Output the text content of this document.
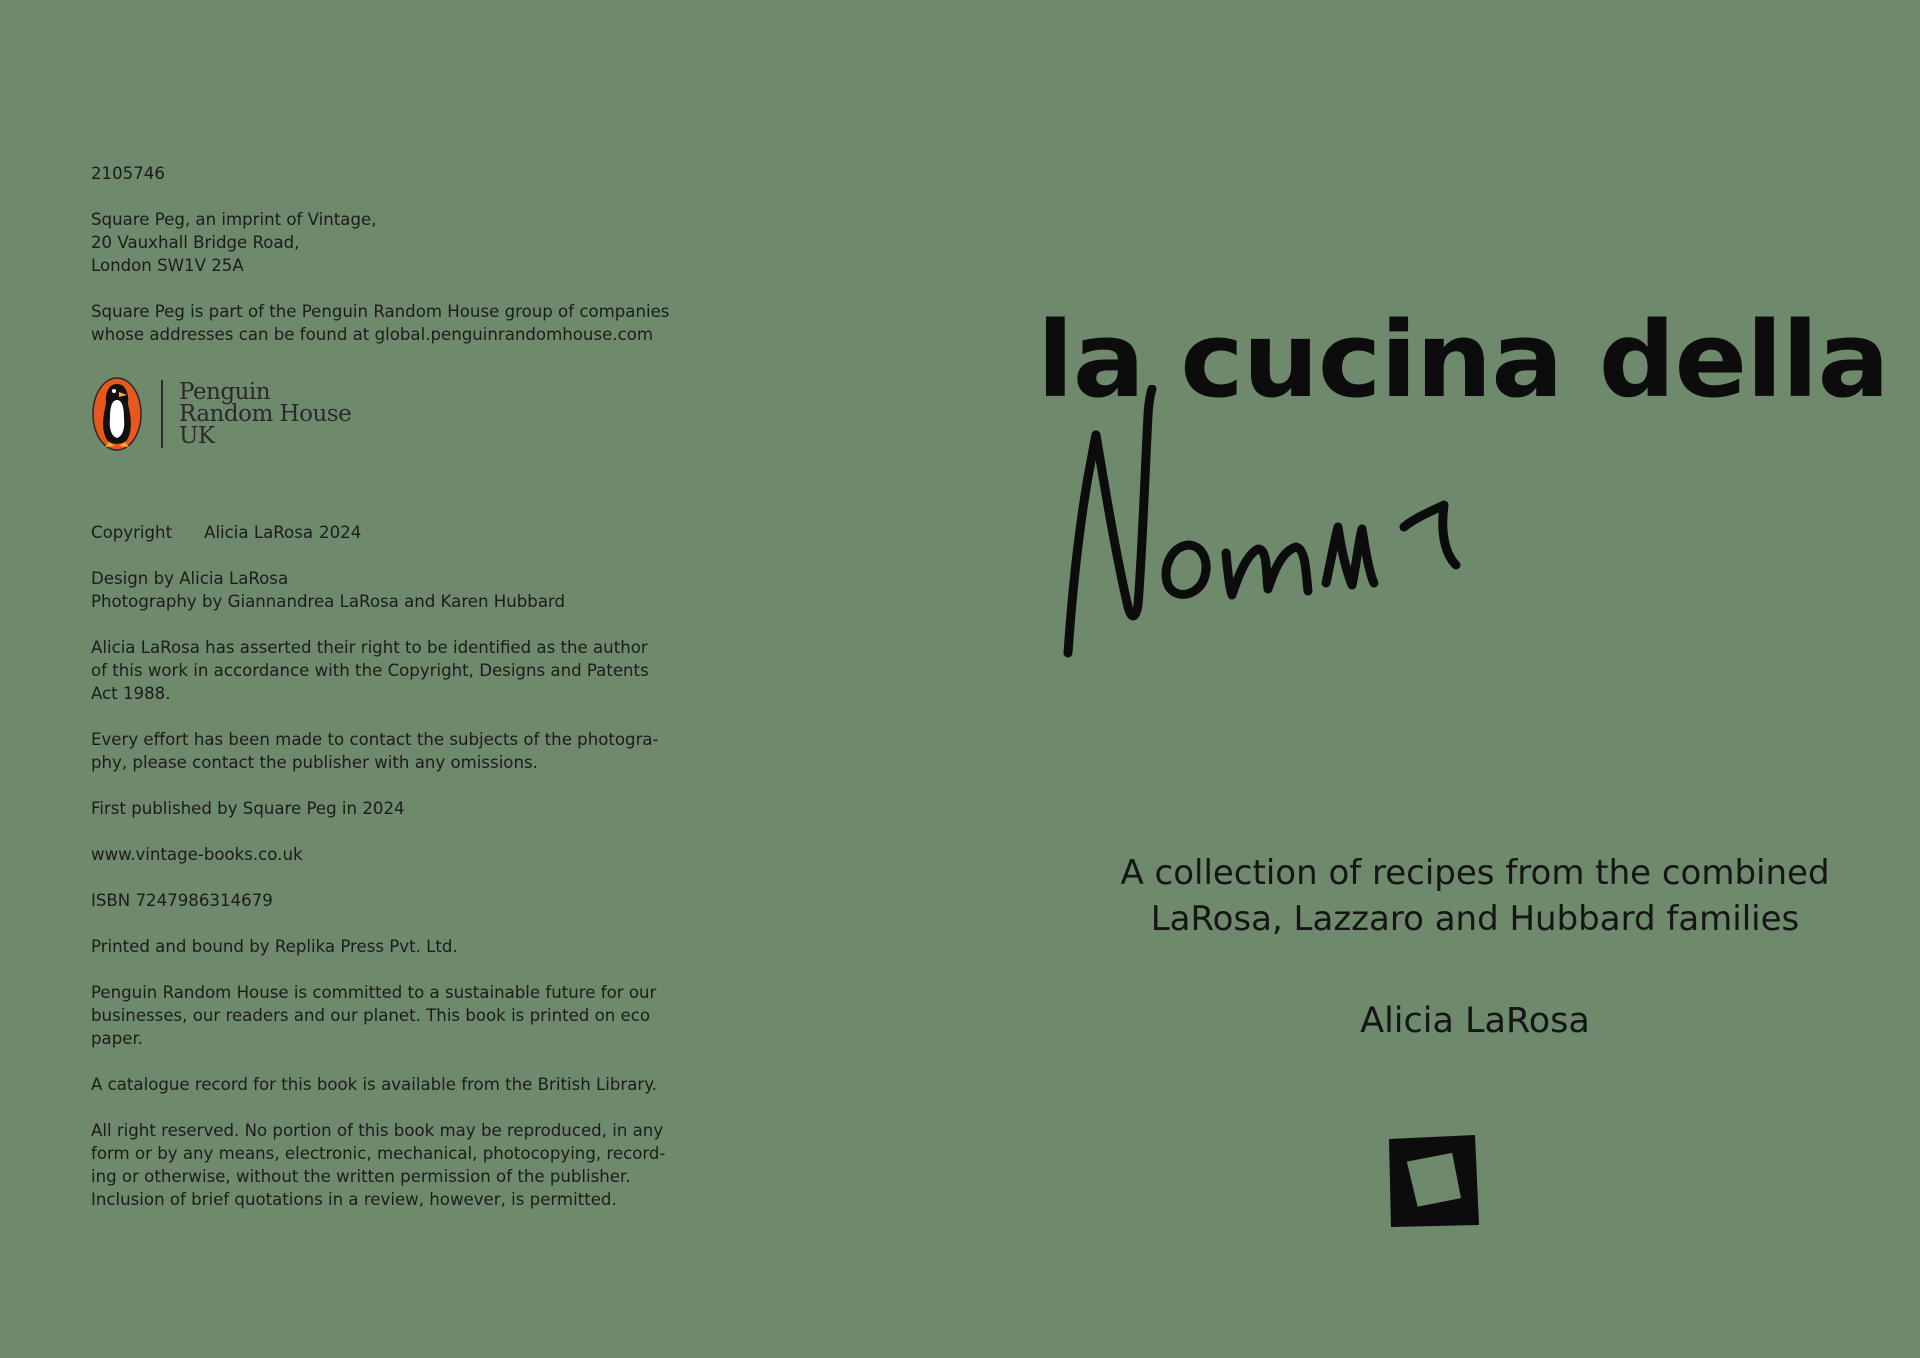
2105746

Square Peg, an imprint of Vintage,
20 Vauxhall Bridge Road,
London SW1V 25A

Square Peg is part of the Penguin Random House group of companies
whose addresses can be found at global.penguinrandomhouse.com

Penguin
Random House
UK

Copyright Alicia LaRosa 2024

Design by Alicia LaRosa
Photography by Giannandrea LaRosa and Karen Hubbard

Alicia LaRosa has asserted their right to be identified as the author
of this work in accordance with the Copyright, Designs and Patents
Act 1988.

Every effort has been made to contact the subjects of the photogra-
phy, please contact the publisher with any omissions.

First published by Square Peg in 2024

www.vintage-books.co.uk

ISBN 7247986314679

Printed and bound by Replika Press Pvt. Ltd.

Penguin Random House is committed to a sustainable future for our
businesses, our readers and our planet. This book is printed on eco
paper.

A catalogue record for this book is available from the British Library.

All right reserved. No portion of this book may be reproduced, in any
form or by any means, electronic, mechanical, photocopying, record-
ing or otherwise, without the written permission of the publisher.
Inclusion of brief quotations in a review, however, is permitted.

la cucina della
A collection of recipes from the combined
LaRosa, Lazzaro and Hubbard families
Alicia LaRosa
